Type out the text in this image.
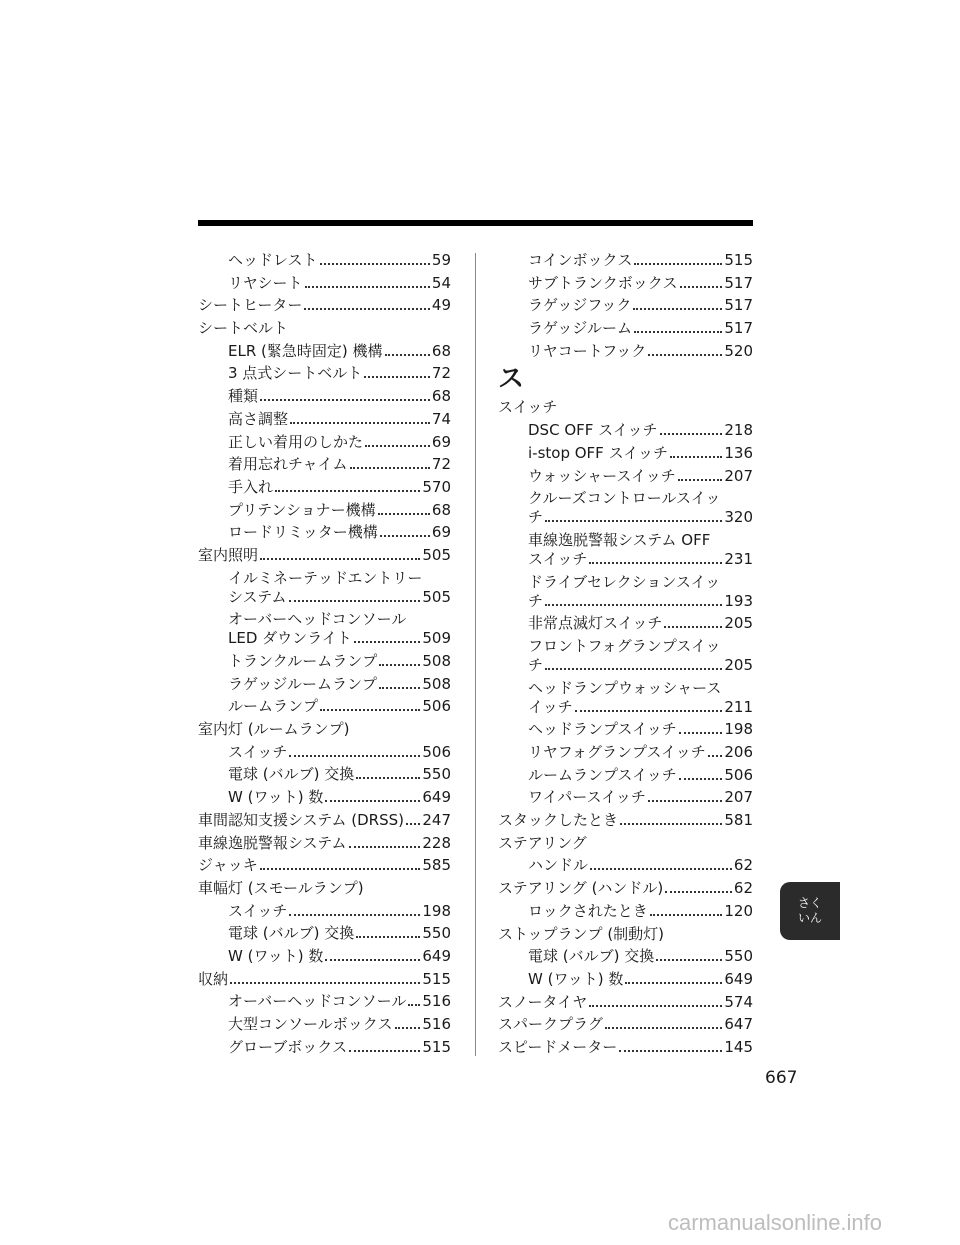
ヘッドレスト	59
リヤシート	54
シートヒーター	49
シートベルト
ELR (緊急時固定) 機構	68
3 点式シートベルト	72
種類	68
高さ調整	74
正しい着用のしかた	69
着用忘れチャイム	72
手入れ	570
プリテンショナー機構	68
ロードリミッター機構	69
室内照明	505
イルミネーテッドエントリー
システム	505
オーバーヘッドコンソール
LED ダウンライト	509
トランクルームランプ	508
ラゲッジルームランプ	508
ルームランプ	506
室内灯 (ルームランプ)
スイッチ	506
電球 (バルブ) 交換	550
W (ワット) 数	649
車間認知支援システム (DRSS) 247
車線逸脱警報システム	228
ジャッキ	585
車幅灯 (スモールランプ)
スイッチ	198
電球 (バルブ) 交換	550
W (ワット) 数	649
収納	515
オーバーヘッドコンソール 516
大型コンソールボックス 516
グローブボックス	515
コインボックス	515
サブトランクボックス	517
ラゲッジフック	517
ラゲッジルーム	517
リヤコートフック	520
ス
スイッチ
DSC OFF スイッチ	218
i-stop OFF スイッチ	136
ウォッシャースイッチ	207
クルーズコントロールスイッ
チ	320
車線逸脱警報システム OFF
スイッチ	231
ドライブセレクションスイッ
チ	193
非常点滅灯スイッチ	205
フロントフォグランプスイッ
チ	205
ヘッドランプウォッシャース
イッチ	211
ヘッドランプスイッチ	198
リヤフォグランプスイッチ 206
ルームランプスイッチ	506
ワイパースイッチ	207
スタックしたとき	581
ステアリング
ハンドル	62
ステアリング (ハンドル)	62
ロックされたとき	120
ストップランプ (制動灯)
電球 (バルブ) 交換	550
W (ワット) 数	649
スノータイヤ	574
スパークプラグ	647
スピードメーター	145
さく
いん
667
carmanualsonline.info
